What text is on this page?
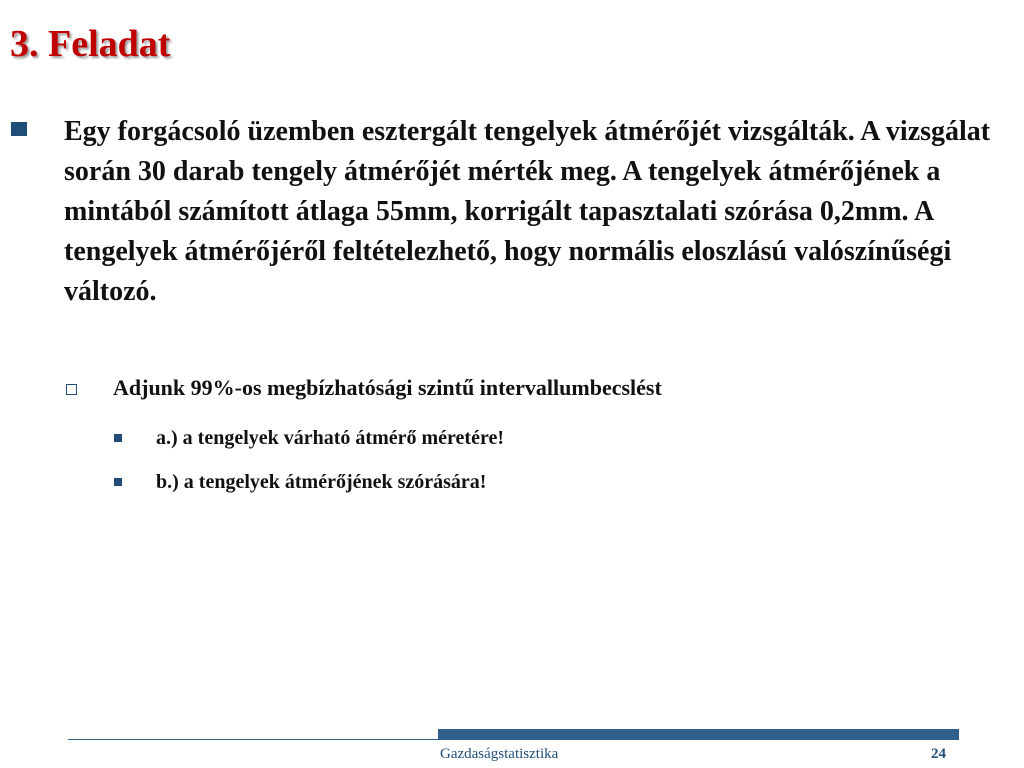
3. Feladat

Egy forgácsoló üzemben esztergált tengelyek átmérőjét vizsgálták. A vizsgálat során 30 darab tengely átmérőjét mérték meg. A tengelyek átmérőjének a mintából számított átlaga 55mm, korrigált tapasztalati szórása 0,2mm. A tengelyek átmérőjéről feltételezhető, hogy normális eloszlású valószínűségi változó.

Adjunk 99%-os megbízhatósági szintű intervallumbecslést

a.) a tengelyek várható átmérő méretére!

b.) a tengelyek átmérőjének szórására!

Gazdaságstatisztika	24
